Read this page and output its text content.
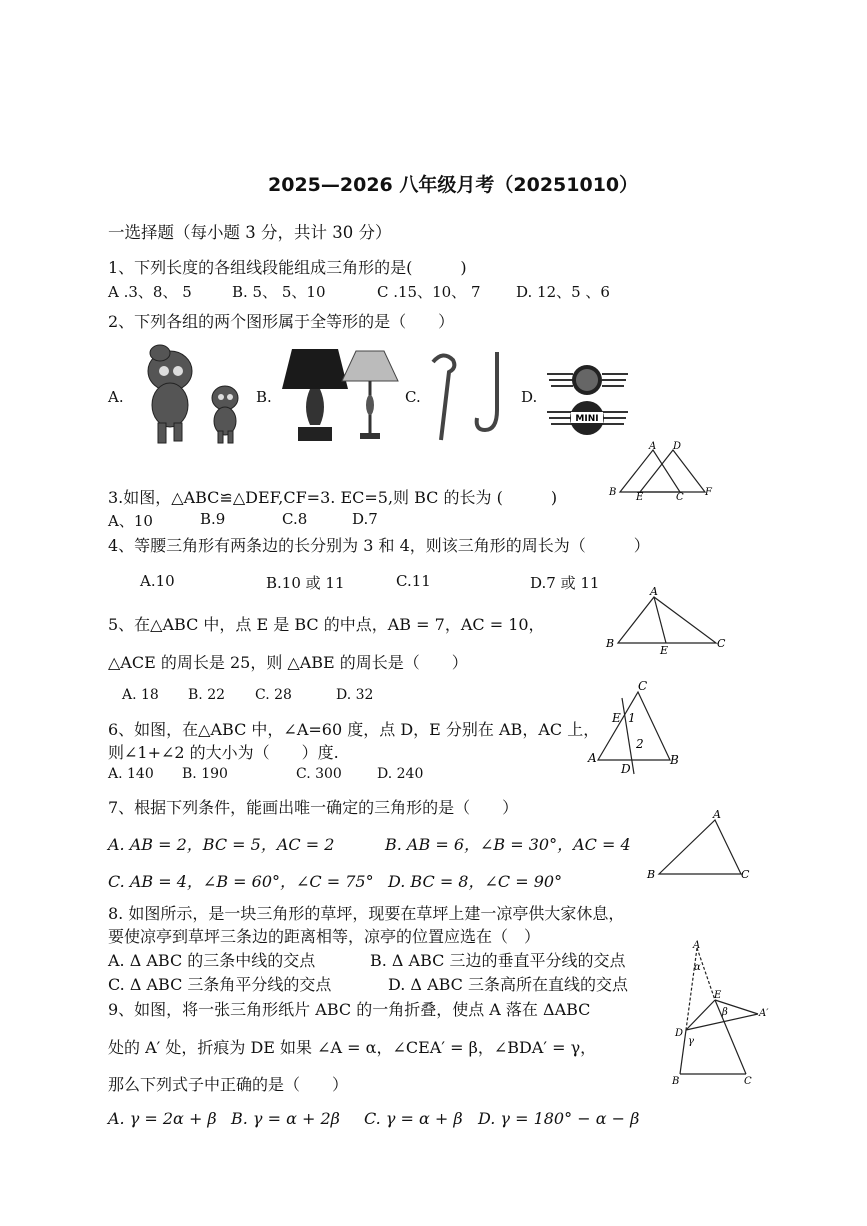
2025—2026 八年级月考（20251010）
一选择题（每小题 3 分，共计 30 分）
1、下列长度的各组线段能组成三角形的是(　　　)
A .3、8、 5	B. 5、 5、10	C .15、10、 7 D. 12、5 、6
2、下列各组的两个图形属于全等形的是（　　）
A.	B.	C.	D.
MINI
A D
B E	C F
3.如图，△ABC≌△DEF,CF=3. EC=5,则 BC 的长为 (　　　)
A、10	B.9	C.8	D.7
4、等腰三角形有两条边的长分别为 3 和 4，则该三角形的周长为（　　　）
A.10	B.10 或 11	C.11	D.7 或 11	A
B
E
C
5、在△ABC 中，点 E 是 BC 的中点，AB = 7，AC = 10，
△ACE 的周长是 25，则 △ABE 的周长是（　　）
A. 18 B. 22 C. 28	D. 32
C
E 1
2
A
D
B
6、如图，在△ABC 中，∠A=60 度，点 D，E 分别在 AB，AC 上，
则∠1+∠2 的大小为（　　）度.
A. 140 B. 190	C. 300	D. 240
7、根据下列条件，能画出唯一确定的三角形的是（　　）
A. AB = 2，BC = 5，AC = 2	B. AB = 6，∠B = 30°，AC = 4
C. AB = 4，∠B = 60°，∠C = 75° D. BC = 8，∠C = 90°
A
B	C
8. 如图所示，是一块三角形的草坪，现要在草坪上建一凉亭供大家休息，
要使凉亭到草坪三条边的距离相等，凉亭的位置应选在（　）
A. Δ ABC 的三条中线的交点	B. Δ ABC 三边的垂直平分线的交点
C. Δ ABC 三条角平分线的交点	D. Δ ABC 三条高所在直线的交点
A
α
E
β	A′
D
γ
B	C
9、如图，将一张三角形纸片 ABC 的一角折叠，使点 A 落在 ΔABC
处的 A′ 处，折痕为 DE 如果 ∠A = α，∠CEA′ = β，∠BDA′ = γ，
那么下列式子中正确的是（　　）
A. γ = 2α + β B. γ = α + 2β C. γ = α + β D. γ = 180° − α − β
